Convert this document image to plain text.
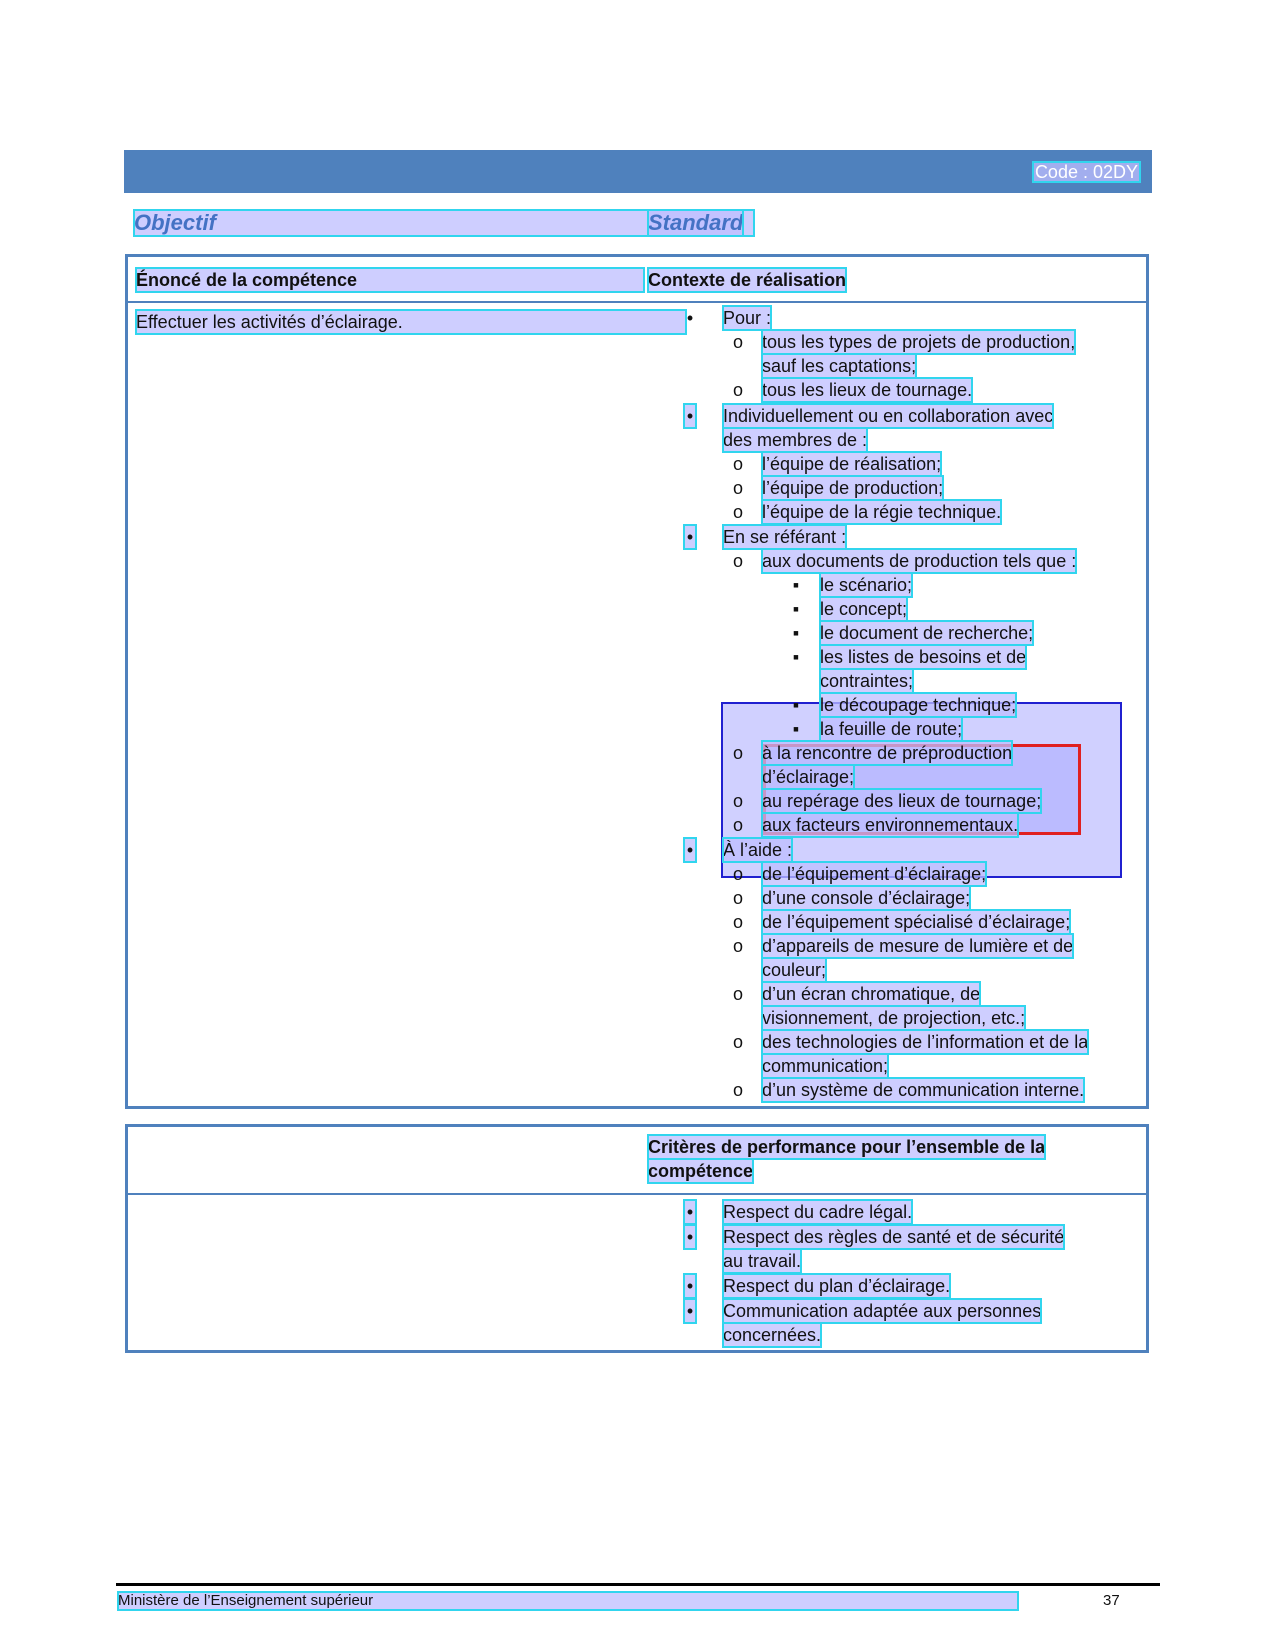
Code : 02DY
Objectif	Standard
Énoncé de la compétence	Contexte de réalisation
Effectuer les activités d’éclairage.	• Pour :
o tous les types de projets de production,
sauf les captations;
o tous les lieux de tournage.
• Individuellement ou en collaboration avec
des membres de :
o l’équipe de réalisation;
o l’équipe de production;
o l’équipe de la régie technique.
• En se référant :
o aux documents de production tels que :
▪ le scénario;
▪ le concept;
▪ le document de recherche;
▪ les listes de besoins et de
contraintes;
▪ le découpage technique;
▪ la feuille de route;
o à la rencontre de préproduction
d’éclairage;
o au repérage des lieux de tournage;
o aux facteurs environnementaux.
• À l’aide :
o de l’équipement d’éclairage;
o d’une console d’éclairage;
o de l’équipement spécialisé d’éclairage;
o d’appareils de mesure de lumière et de
couleur;
o d’un écran chromatique, de
visionnement, de projection, etc.;
o des technologies de l’information et de la
communication;
o d’un système de communication interne.
Critères de performance pour l’ensemble de la
compétence
• Respect du cadre légal.
• Respect des règles de santé et de sécurité
au travail.
• Respect du plan d’éclairage.
• Communication adaptée aux personnes
concernées.
Ministère de l’Enseignement supérieur	37
